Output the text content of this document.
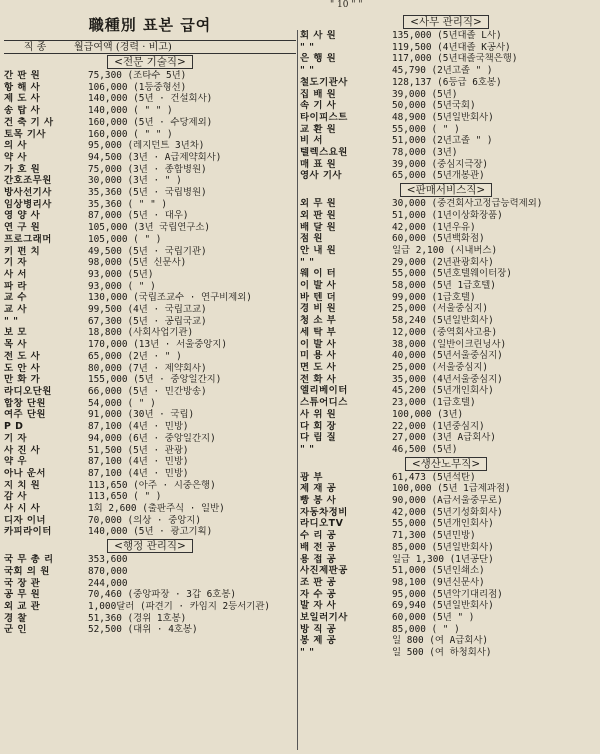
" 10 " "
職種別 표본 급여
직 종	월급여액 (경력 · 비고)
<전문 기술직>
간 판 원	75,300 (조타수 5년)
항 해 사	106,000 (1등중형선)
제 도 사	140,000 (5년 · 건설회사)
송 탑 사	140,000 ( " " )
건 축 기 사	160,000 (5년 · 수당제외)
토목 기사	160,000 ( " " )
의 사	95,000 (레지던트 3년차)
약 사	94,500 (3년 · A급제약회사)
가 호 원	75,000 (3년 · 종합병원)
간호조무원	30,000 (3년 · " )
방사선기사	35,360 (5년 · 국립병원)
임상병리사	35,360 ( " " )
영 양 사	87,000 (5년 · 대우)
연 구 원	105,000 (3년 국립연구소)
프로그래머	105,000 ( " )
키 펀 치	49,500 (5년 · 국립기관)
기 자	98,000 (5년 신문사)
사 서	93,000 (5년)
파 라	93,000 ( " )
교 수	130,000 (국립조교수 · 연구비제외)
교 사	99,500 (4년 · 국립고교)
" "	67,300 (5년 · 공립국교)
보 모	18,800 (사회사업기관)
목 사	170,000 (13년 · 서울중앙지)
전 도 사	65,000 (2년 · " )
도 안 사	80,000 (7년 · 제약회사)
만 화 가	155,000 (5년 · 중앙일간지)
라디오단원	66,000 (5년 · 민간방송)
합창 단원	54,000 ( " )
여주 단원	91,000 (30년 · 국립)
P D	87,100 (4년 · 민방)
기 자	94,000 (6년 · 중앙일간지)
사 진 사	51,500 (5년 · 관광)
약 우	87,100 (4년 · 민방)
아나 운서	87,100 (4년 · 민방)
지 치 원	113,650 (아주 · 시중은행)
감 사	113,650 ( " )
사 시 사	1회 2,600 (출판주식 · 일반)
디자 이너	70,000 (의상 · 중앙지)
카피라이터	140,000 (5년 · 광고기획)
<행정 관리직>
국 무 총 리	353,600
국회 의 원	870,000
국 장 관	244,000
공 무 원	70,460 (중앙파장 · 3갑 6호봉)
외 교 관	1,000달러 (파견기 · 카임지 2등서기관)
경 찰	51,360 (경위 1호봉)
군 인	52,500 (대위 · 4호봉)
<사무 관리직>
회 사 원	135,000 (5년대졸 L사)
" "	119,500 (4년대졸 K공사)
은 행 원	117,000 (5년대졸국책은행)
" "	45,790 (2년고졸 " )
철도기관사	128,137 (6등급 6호봉)
집 배 원	39,000 (5년)
속 기 사	50,000 (5년국회)
타이피스트	48,900 (5년일반회사)
교 환 원	55,000 ( " )
비 서	51,000 (2년고졸 " )
텔렉스요원	78,000 (3년)
매 표 원	39,000 (중심지극장)
영사 기사	65,000 (5년개봉관)
<판매서비스직>
외 무 원	30,000 (중견회사고정급능력제외)
외 판 원	51,000 (1년이상화장품)
배 달 원	42,000 (1년우유)
점 원	60,000 (5년백화점)
안 내 원	일급 2,100 (시내버스)
" "	29,000 (2년관광회사)
웨 이 터	55,000 (5년호텔웨이터장)
이 발 사	58,000 (5년 1급호텔)
바 텐 더	99,000 (1급호텔)
경 비 원	25,000 (서울중심지)
청 소 부	58,240 (5년일반회사)
세 탁 부	12,000 (중역회사고용)
이 발 사	38,000 (일반이크린닝사)
미 용 사	40,000 (5년서울중심지)
면 도 사	25,000 (서울중심지)
전 화 사	35,000 (4년서울중심지)
엘리베이터	45,200 (5년개인회사)
스튜어디스	23,000 (1급호텔)
사 위 원	100,000 (3년)
다 회 장	22,000 (1년중심지)
다 림 질	27,000 (3년 A급회사)
" "	46,500 (5년)
<생산노무직>
광 부	61,473 (5년석탄)
제 재 공	100,000 (5년 1급제과점)
빵 봉 사	90,000 (A급서울중무로)
자동차정비	42,000 (5년기성화회사)
라디오TV	55,000 (5년개인회사)
수 리 공	71,300 (5년민방)
배 전 공	85,000 (5년일반회사)
용 접 공	일급 1,300 (1년공단)
사진제판공	51,000 (5년인쇄소)
조 판 공	98,100 (9년신문사)
자 수 공	95,000 (5년악기대리점)
발 자 사	69,940 (5년일반회사)
보일러기사	60,000 (5년 " )
방 직 공	85,000 ( " )
봉 제 공	일 800 (여 A급회사)
" "	일 500 (여 하청회사)
